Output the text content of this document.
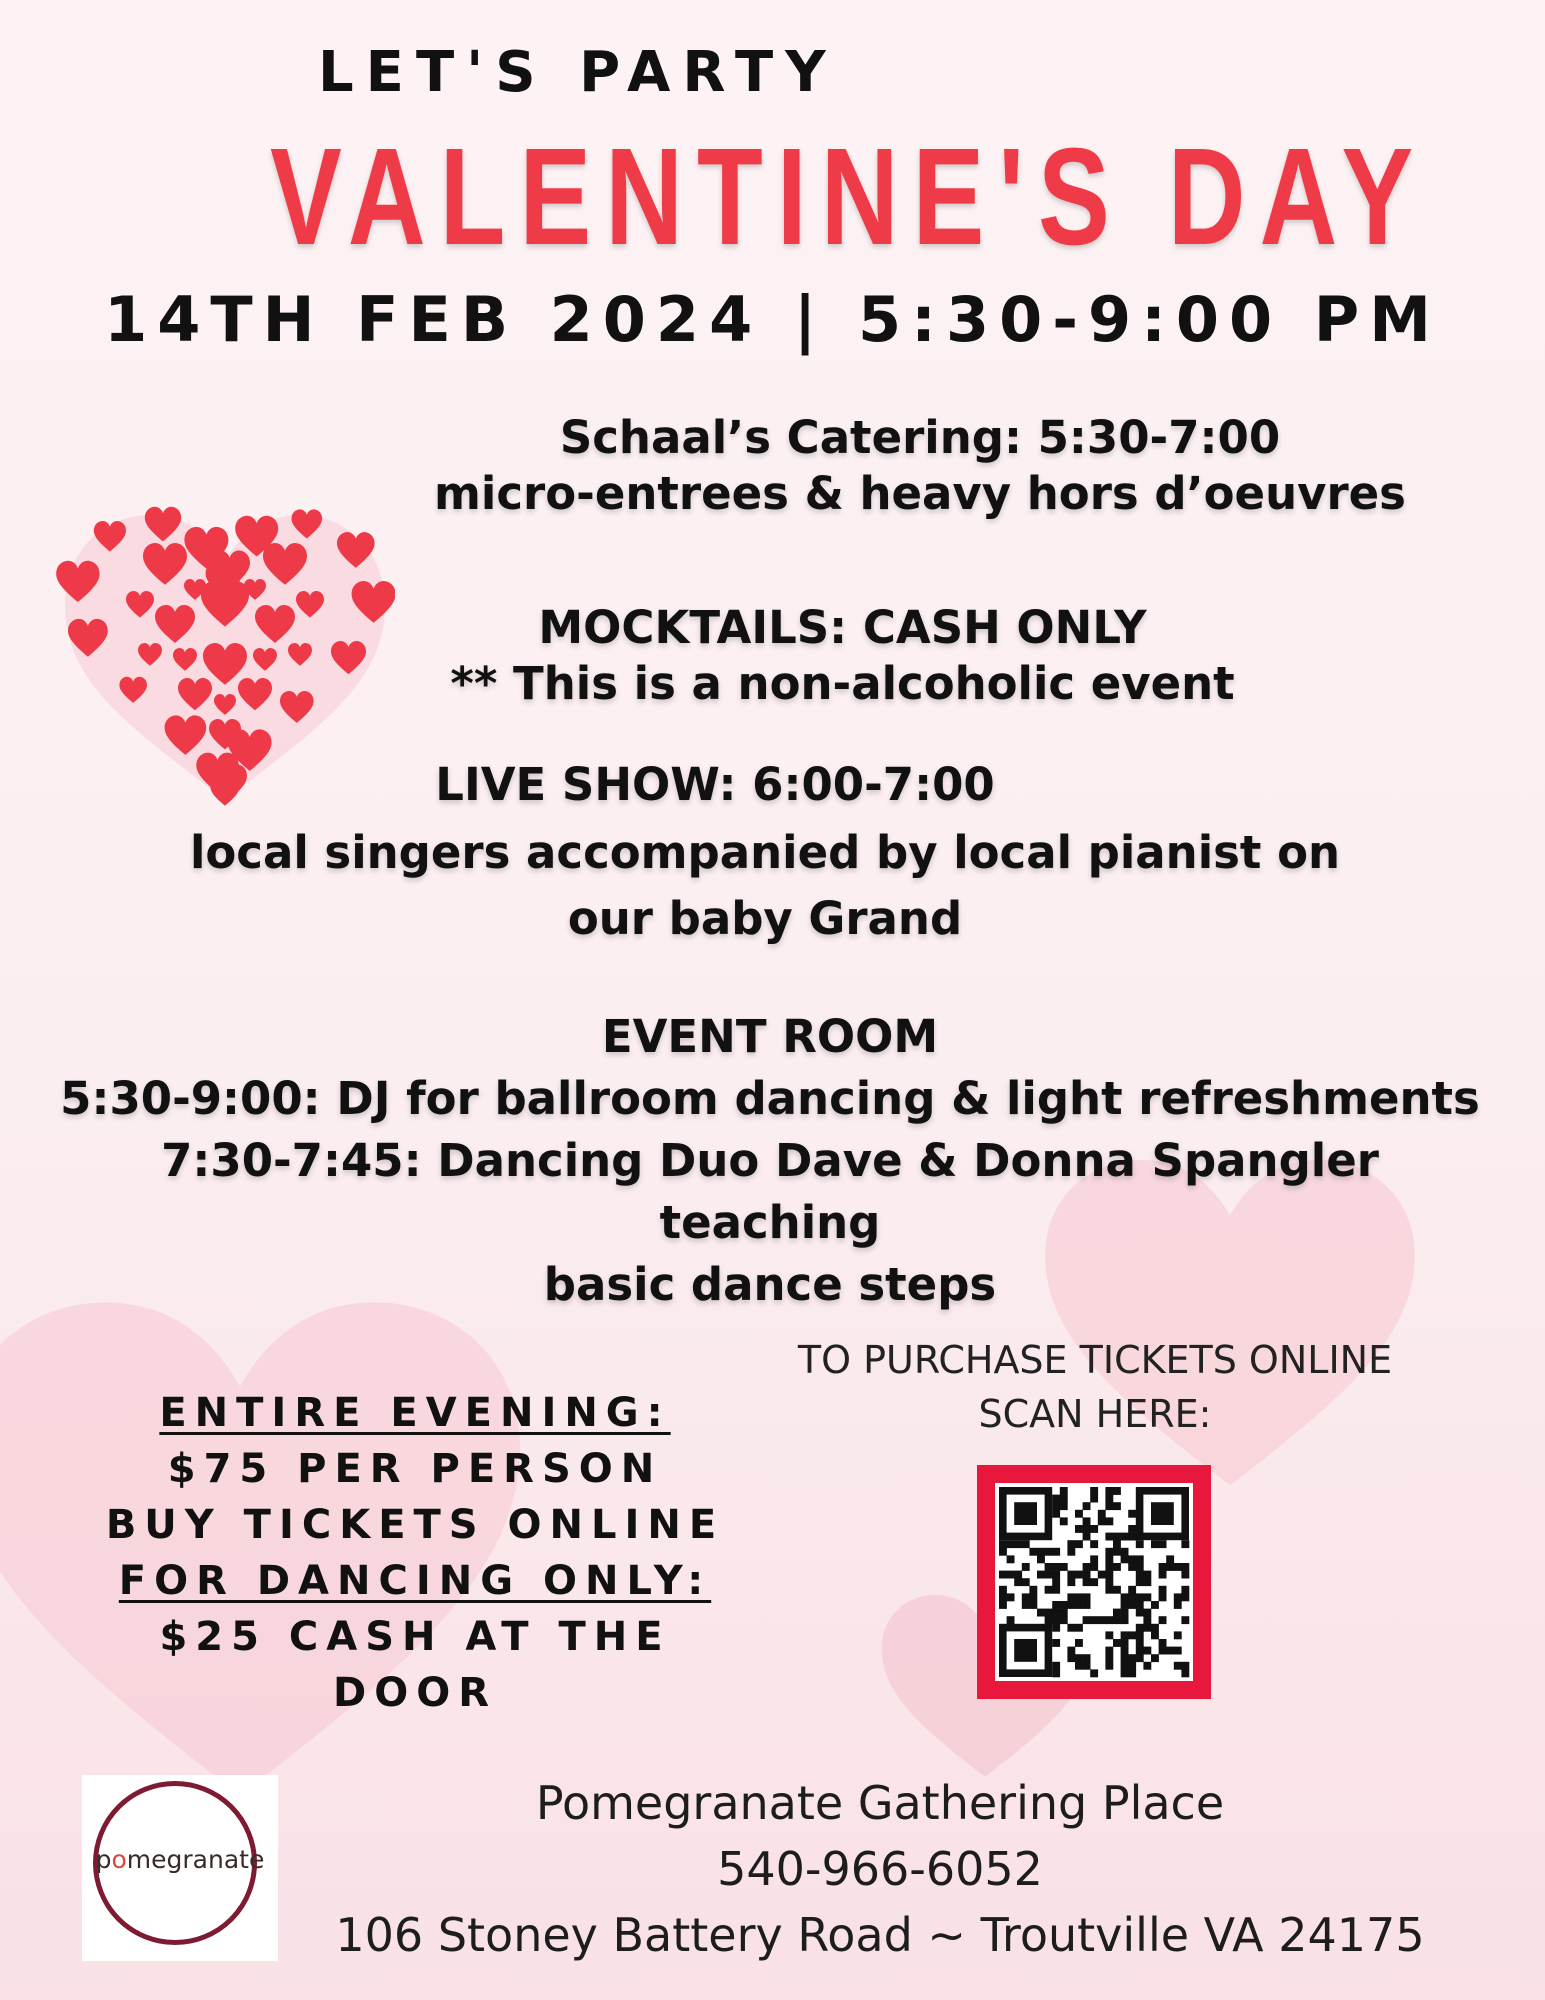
LET'S PARTY
VALENTINE'S DAY
14TH FEB 2024 | 5:30-9:00 PM
Schaal’s Catering: 5:30-7:00
micro-entrees & heavy hors d’oeuvres
MOCKTAILS: CASH ONLY
** This is a non-alcoholic event
LIVE SHOW: 6:00-7:00
local singers accompanied by local pianist on
our baby Grand
EVENT ROOM
5:30-9:00: DJ for ballroom dancing & light refreshments
7:30-7:45: Dancing Duo Dave & Donna Spangler teaching
basic dance steps
ENTIRE EVENING:
$75 PER PERSON
BUY TICKETS ONLINE
FOR DANCING ONLY:
$25 CASH AT THE DOOR
TO PURCHASE TICKETS ONLINE
SCAN HERE:
pomegranate
Pomegranate Gathering Place
540-966-6052
106 Stoney Battery Road ~ Troutville VA 24175
